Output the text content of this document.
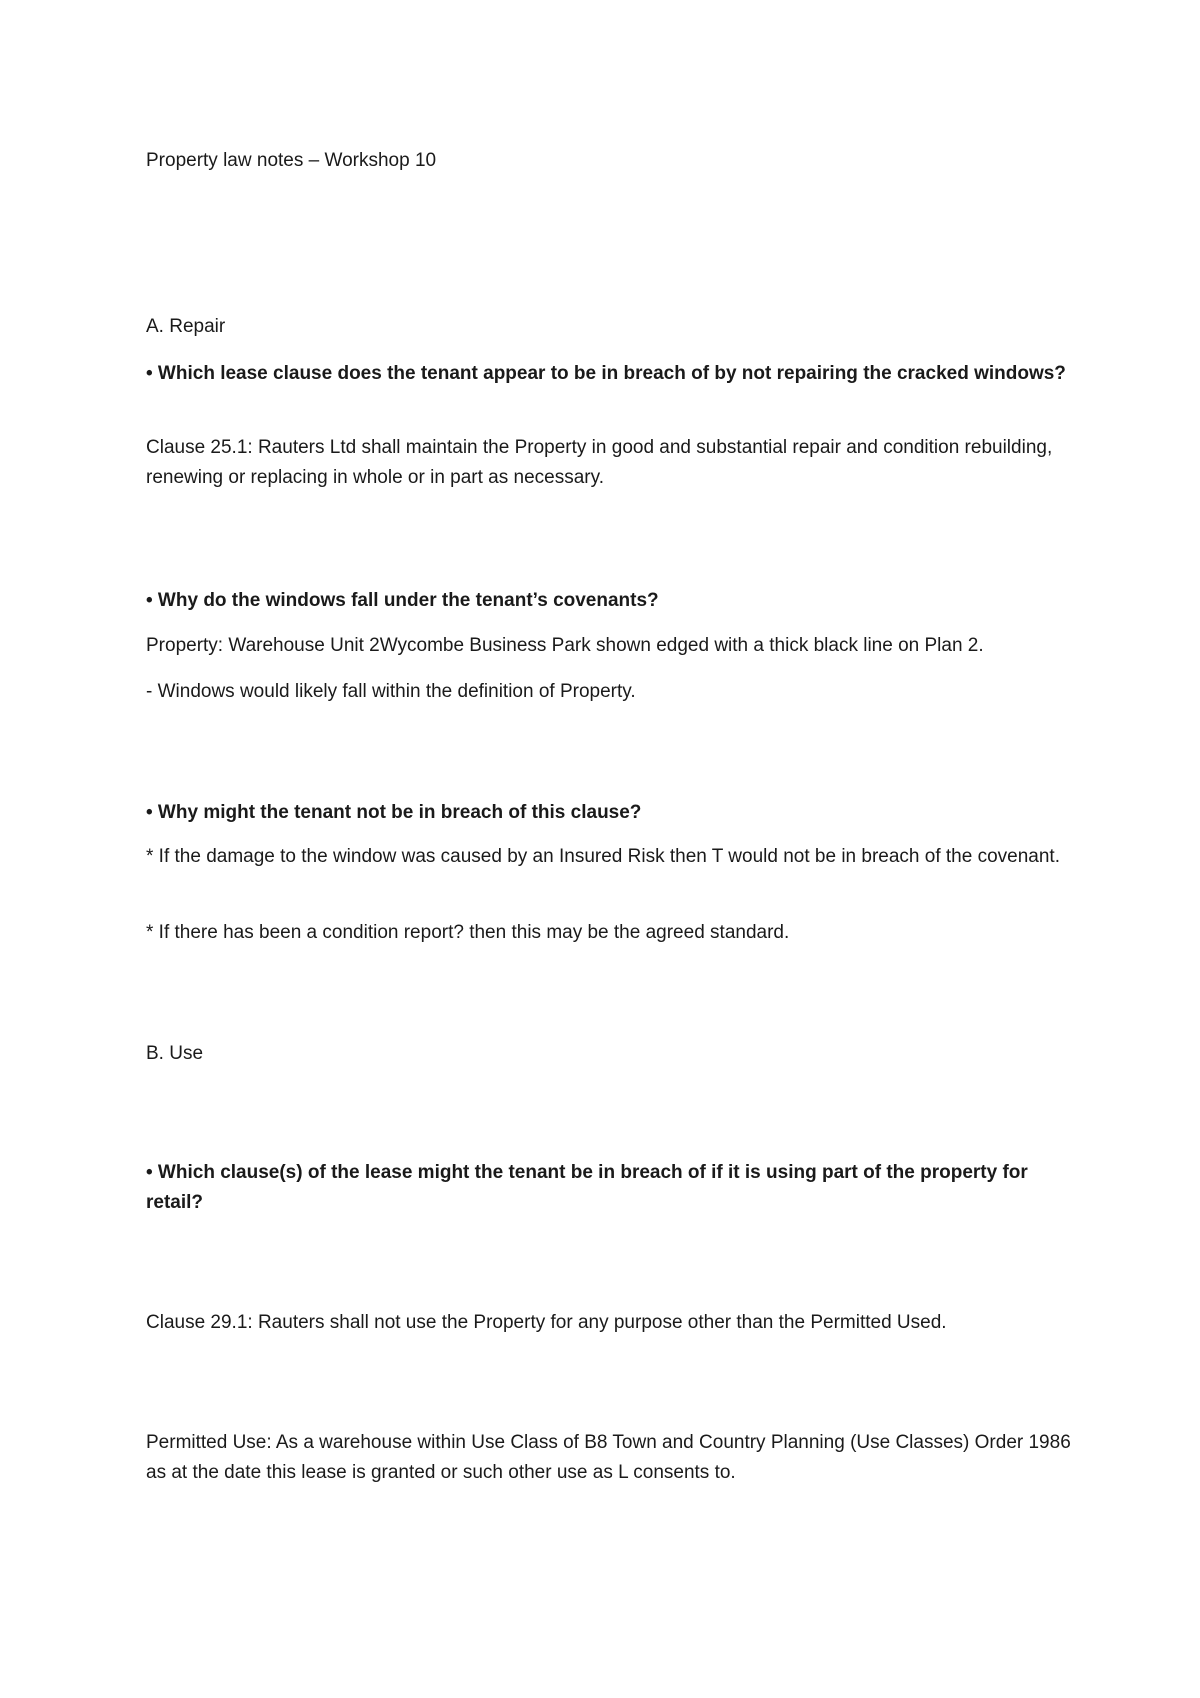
Property law notes – Workshop 10
A. Repair
• Which lease clause does the tenant appear to be in breach of by not repairing the cracked windows?
Clause 25.1: Rauters Ltd shall maintain the Property in good and substantial repair and condition rebuilding, renewing or replacing in whole or in part as necessary.
• Why do the windows fall under the tenant’s covenants?
Property: Warehouse Unit 2Wycombe Business Park shown edged with a thick black line on Plan 2.
- Windows would likely fall within the definition of Property.
• Why might the tenant not be in breach of this clause?
* If the damage to the window was caused by an Insured Risk then T would not be in breach of the covenant.
* If there has been a condition report? then this may be the agreed standard.
B. Use
• Which clause(s) of the lease might the tenant be in breach of if it is using part of the property for retail?
Clause 29.1: Rauters shall not use the Property for any purpose other than the Permitted Used.
Permitted Use: As a warehouse within Use Class of B8 Town and Country Planning (Use Classes) Order 1986 as at the date this lease is granted or such other use as L consents to.
